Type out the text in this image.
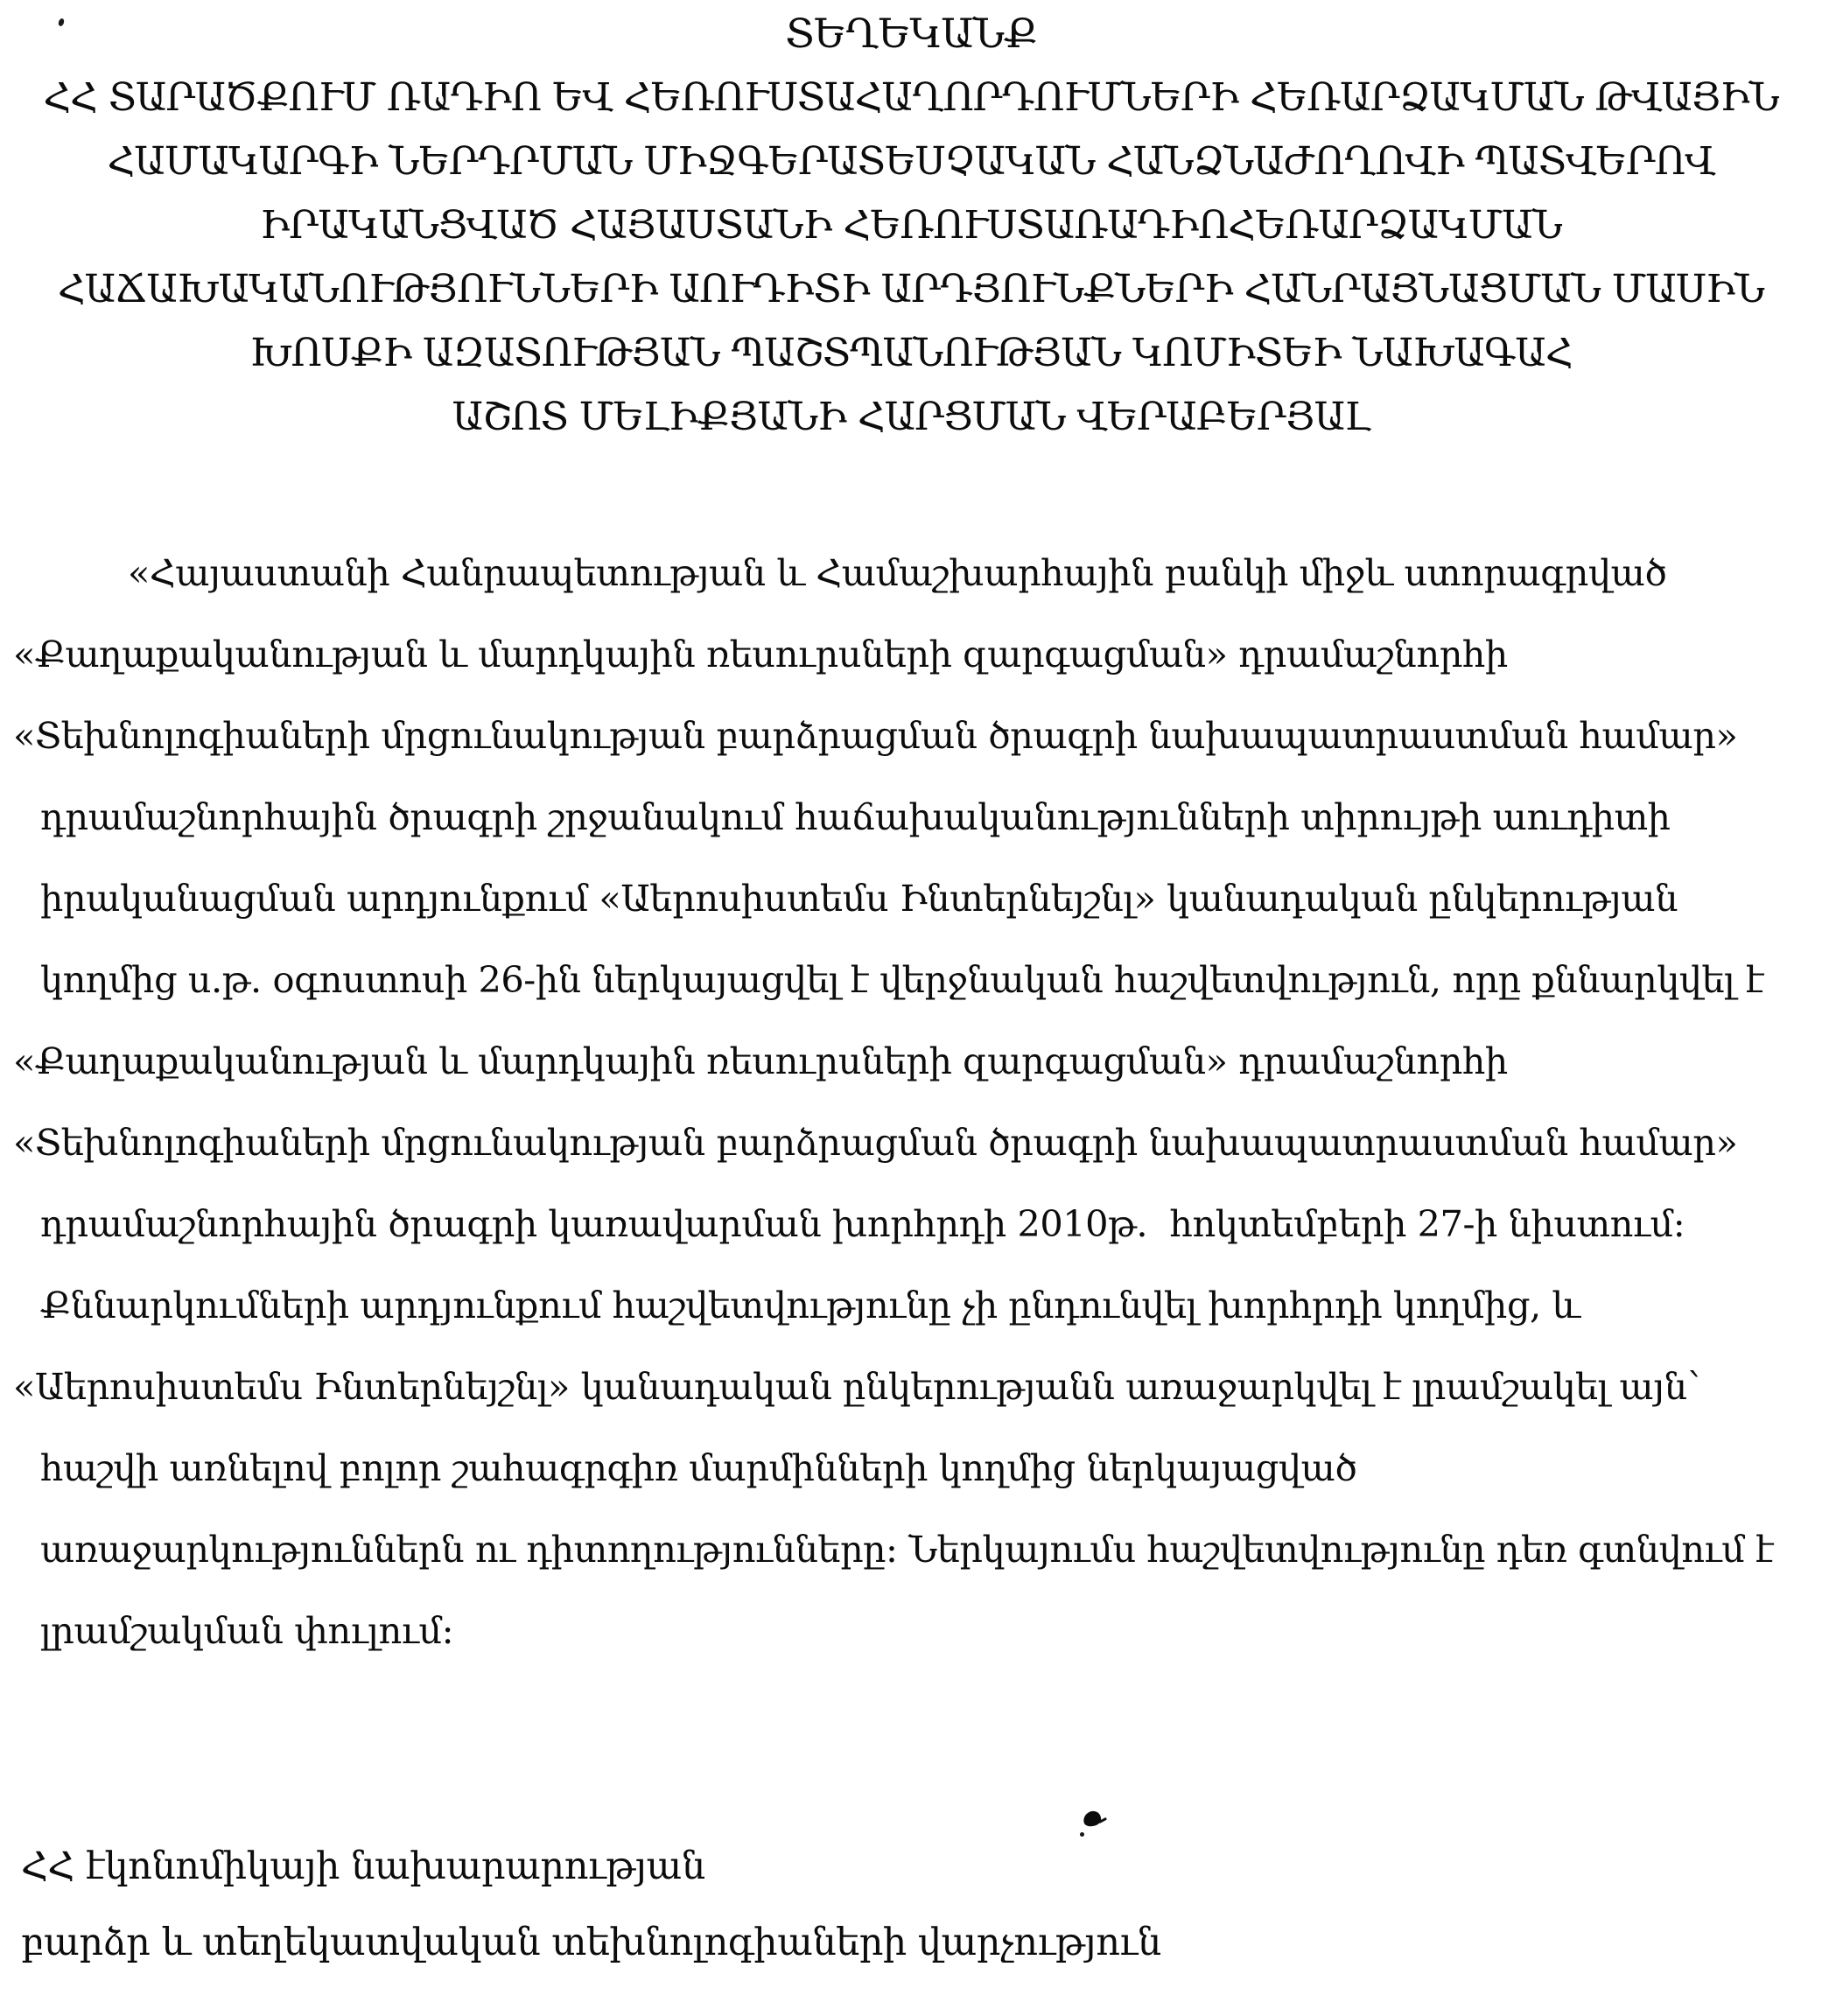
ՏԵՂԵԿԱՆՔ
ՀՀ ՏԱՐԱԾՔՈՒՄ ՌԱԴԻՈ ԵՎ ՀԵՌՈՒՍՏԱՀԱՂՈՐԴՈՒՄՆԵՐԻ ՀԵՌԱՐՁԱԿՄԱՆ ԹՎԱՅԻՆ
ՀԱՄԱԿԱՐԳԻ ՆԵՐԴՐՄԱՆ ՄԻՋԳԵՐԱՏԵՍՉԱԿԱՆ ՀԱՆՁՆԱԺՈՂՈՎԻ ՊԱՏՎԵՐՈՎ
ԻՐԱԿԱՆՑՎԱԾ ՀԱՅԱՍՏԱՆԻ ՀԵՌՈՒՍՏԱՌԱԴԻՈՀԵՌԱՐՁԱԿՄԱՆ
ՀԱՃԱԽԱԿԱՆՈՒԹՅՈՒՆՆԵՐԻ ԱՈՒԴԻՏԻ ԱՐԴՅՈՒՆՔՆԵՐԻ ՀԱՆՐԱՅՆԱՑՄԱՆ ՄԱՍԻՆ
ԽՈՍՔԻ ԱԶԱՏՈՒԹՅԱՆ ՊԱՇՏՊԱՆՈՒԹՅԱՆ ԿՈՄԻՏԵԻ ՆԱԽԱԳԱՀ
ԱՇՈՏ ՄԵԼԻՔՅԱՆԻ ՀԱՐՑՄԱՆ ՎԵՐԱԲԵՐՅԱԼ
«Հայաստանի Հանրապետության և Համաշխարհային բանկի միջև ստորագրված
«Քաղաքականության և մարդկային ռեսուրսների զարգացման» դրամաշնորհի
«Տեխնոլոգիաների մրցունակության բարձրացման ծրագրի նախապատրաստման համար»
դրամաշնորհային ծրագրի շրջանակում հաճախականությունների տիրույթի աուդիտի
իրականացման արդյունքում «Աերոսիստեմս Ինտերնեյշնլ» կանադական ընկերության
կողմից ս.թ. օգոստոսի 26-ին ներկայացվել է վերջնական հաշվետվություն, որը քննարկվել է
«Քաղաքականության և մարդկային ռեսուրսների զարգացման» դրամաշնորհի
«Տեխնոլոգիաների մրցունակության բարձրացման ծրագրի նախապատրաստման համար»
դրամաշնորհային ծրագրի կառավարման խորհրդի 2010թ.  հոկտեմբերի 27-ի նիստում:
Քննարկումների արդյունքում հաշվետվությունը չի ընդունվել խորհրդի կողմից, և
«Աերոսիստեմս Ինտերնեյշնլ» կանադական ընկերությանն առաջարկվել է լրամշակել այն՝
հաշվի առնելով բոլոր շահագրգիռ մարմինների կողմից ներկայացված
առաջարկություններն ու դիտողությունները: Ներկայումս հաշվետվությունը դեռ գտնվում է
լրամշակման փուլում:
ՀՀ էկոնոմիկայի նախարարության
բարձր և տեղեկատվական տեխնոլոգիաների վարչություն
